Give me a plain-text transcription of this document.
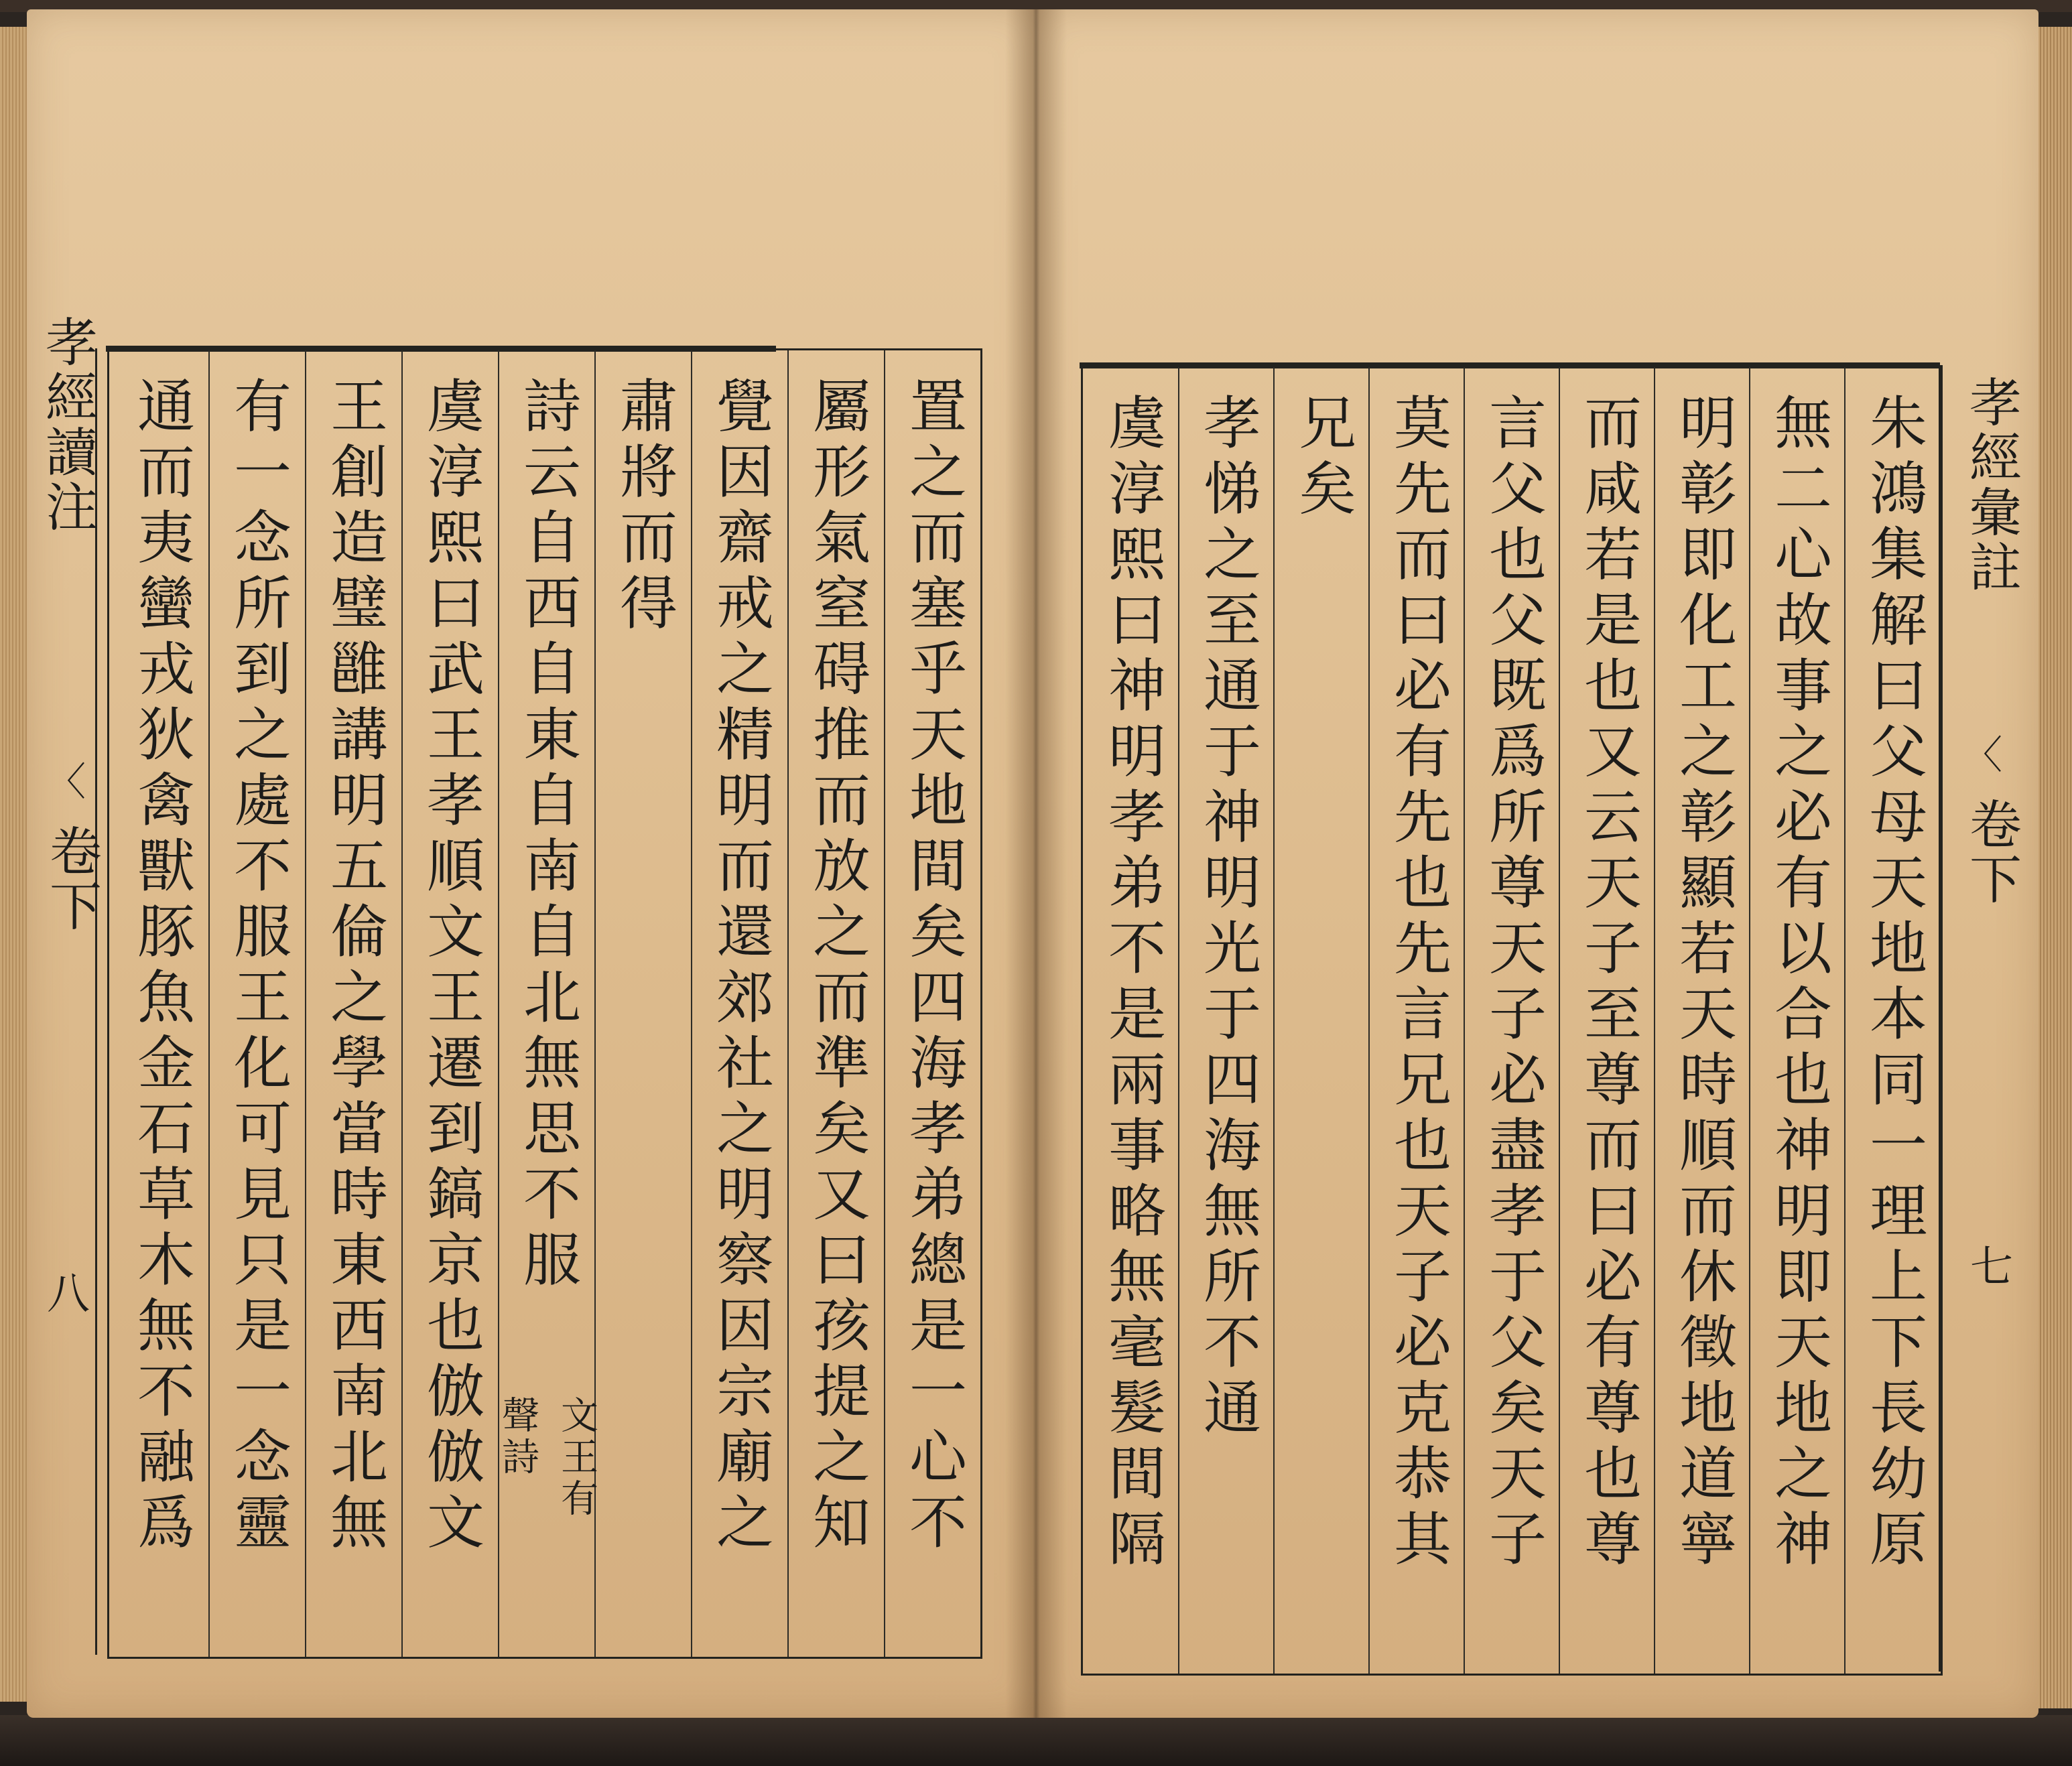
孝經讀注
〈
卷下
八	置之而塞乎天地間矣四海孝弟總是一心不
屬形氣窒碍推而放之而準矣又曰孩提之知
覺因齋戒之精明而還郊社之明察因宗廟之
肅將而得
詩云自西自東自南自北無思不服
文王有
聲詩
虞淳熙曰武王孝順文王遷到鎬京也倣倣文
王創造璧雝講明五倫之學當時東西南北無
有一念所到之處不服王化可見只是一念靈
通而夷蠻戎狄禽獸豚魚金石草木無不融爲	朱鴻集解曰父母天地本同一理上下長幼原
無二心故事之必有以合也神明即天地之神
明彰即化工之彰顯若天時順而休徵地道寧
而咸若是也又云天子至尊而曰必有尊也尊
言父也父既爲所尊天子必盡孝于父矣天子
莫先而曰必有先也先言兄也天子必克恭其
兄矣
孝悌之至通于神明光于四海無所不通
虞淳熙曰神明孝弟不是兩事略無毫髮間隔	孝經彙註
〈
卷下
七
